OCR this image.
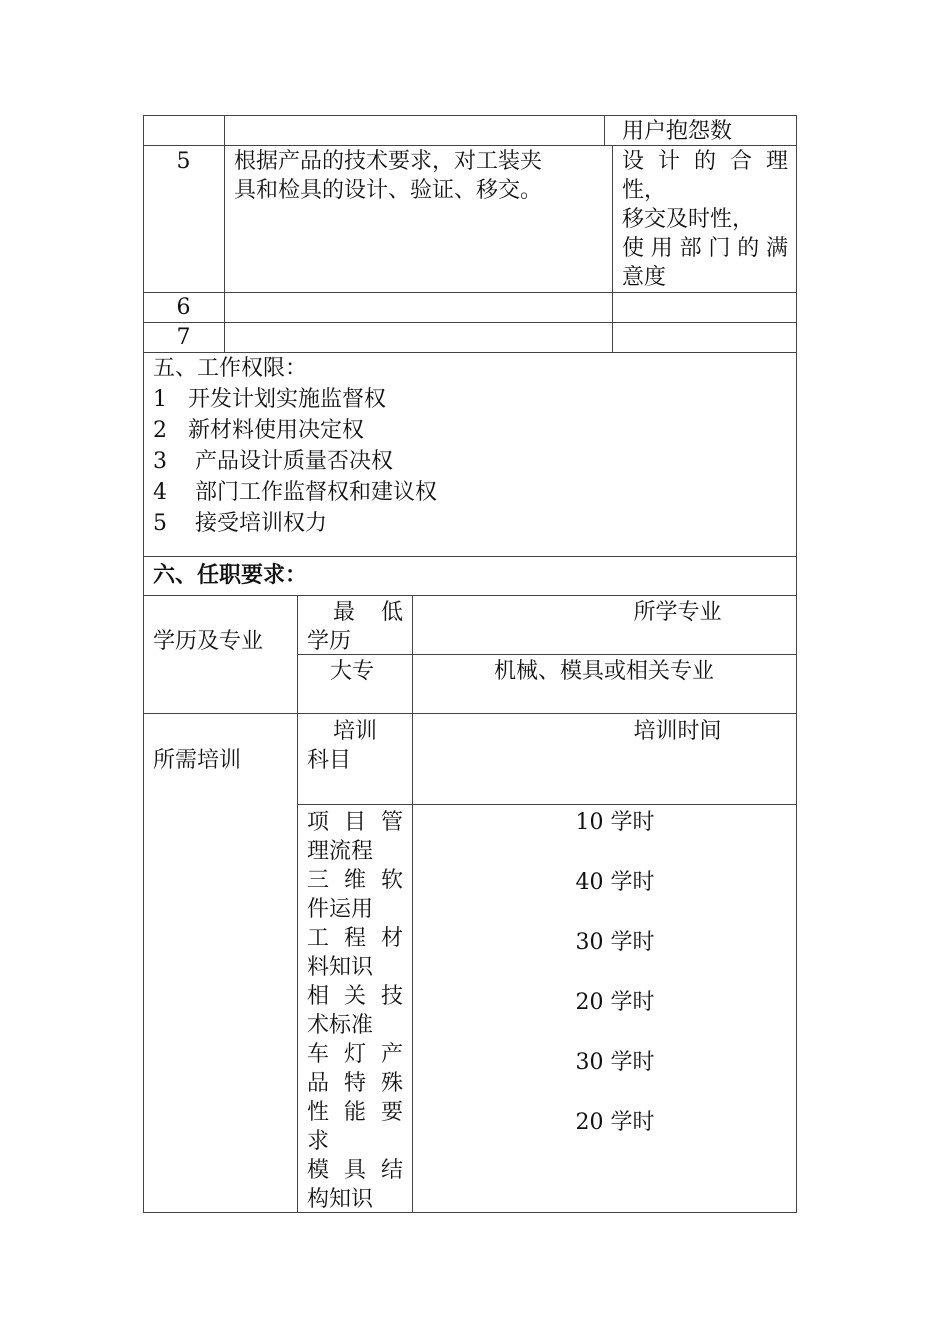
用户抱怨数
5	根据产品的技术要求，对工装夹
具和检具的设计、验证、移交。
设计的合理
性，
移交及时性，
使用部门的满
意度
6
7
五、工作权限：
1   开发计划实施监督权
2   新材料使用决定权
3    产品设计质量否决权
4    部门工作监督权和建议权
5    接受培训权力
六、任职要求：
学历及专业
最低
学历
所学专业
大专	机械、模具或相关专业
所需培训
培训
科目
培训时间
项目管
理流程
三维软
件运用
工程材
料知识
相关技
术标准
车灯产
品特殊
性能要
求
模具结
构知识
10 学时
40 学时
30 学时
20 学时
30 学时
20 学时
